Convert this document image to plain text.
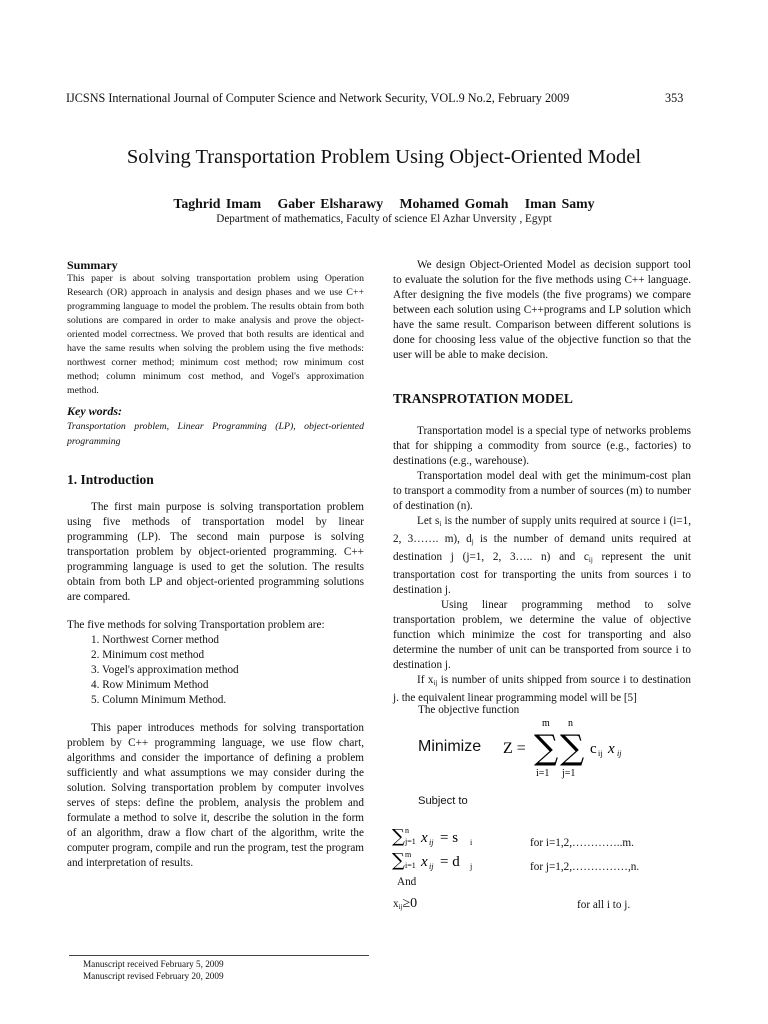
IJCSNS International Journal of Computer Science and Network Security, VOL.9 No.2, February 2009	353
Solving Transportation Problem Using Object-Oriented Model
Taghrid Imam   Gaber Elsharawy   Mohamed Gomah   Iman Samy
Department of mathematics, Faculty of science El Azhar Unversity , Egypt
Summary
This paper is about solving transportation problem using Operation Research (OR) approach in analysis and design phases and we use C++ programming language to model the problem. The results obtain from both solutions are compared in order to make analysis and prove the object-oriented model correctness. We proved that both results are identical and have the same results when solving the problem using the five methods: northwest corner method; minimum cost method; row minimum cost method; column minimum cost method, and Vogel's approximation method.
Key words:
Transportation problem, Linear Programming (LP), object-oriented programming
1. Introduction
The first main purpose is solving transportation problem using five methods of transportation model by linear programming (LP). The second main purpose is solving transportation problem by object-oriented programming. C++ programming language is used to get the solution. The results obtain from both LP and object-oriented programming solutions are compared.
The five methods for solving Transportation problem are:
1. Northwest Corner method
2. Minimum cost method
3. Vogel's approximation method
4. Row Minimum Method
5. Column Minimum Method.
This paper introduces methods for solving transportation problem by C++ programming language, we use flow chart, algorithms and consider the importance of defining a problem sufficiently and what assumptions we may consider during the solution. Solving transportation problem by computer involves serves of steps: define the problem, analysis the problem and formulate a method to solve it, describe the solution in the form of an algorithm, draw a flow chart of the algorithm, write the computer program, compile and run the program, test the program and interpretation of results.
Manuscript received February 5, 2009
Manuscript revised February 20, 2009
We design Object-Oriented Model as decision support tool to evaluate the solution for the five methods using C++ language. After designing the five models (the five programs) we compare between each solution using C++programs and LP solution which have the same result. Comparison between different solutions is done for choosing less value of the objective function so that the user will be able to make decision.
TRANSPROTATION MODEL
Transportation model is a special type of networks problems that for shipping a commodity from source (e.g., factories) to destinations (e.g., warehouse).
Transportation model deal with get the minimum-cost plan to transport a commodity from a number of sources (m) to number of destination (n).
Let $s_i$ is the number of supply units required at source i (i=1, 2, 3……. m), $d_j$ is the number of demand units required at destination j (j=1, 2, 3….. n) and $c_{ij}$ represent the unit transportation cost for transporting the units from sources i to destination j.
Using linear programming method to solve transportation problem, we determine the value of objective function which minimize the cost for transporting and also determine the number of unit can be transported from source i to destination j.
If $x_{ij}$ is number of units shipped from source i to destination j. the equivalent linear programming model will be [5]
The objective function
Minimize Z =
m n
∑ ∑
i=1 j=1
c ij x ij
Subject to
∑ n
j=1 x ij = s i
∑ m
i=1 x ij = d j
for i=1,2,…………..m.
for j=1,2,……………,n.
And
$x_{ij}\ge 0$	for all i to j.
